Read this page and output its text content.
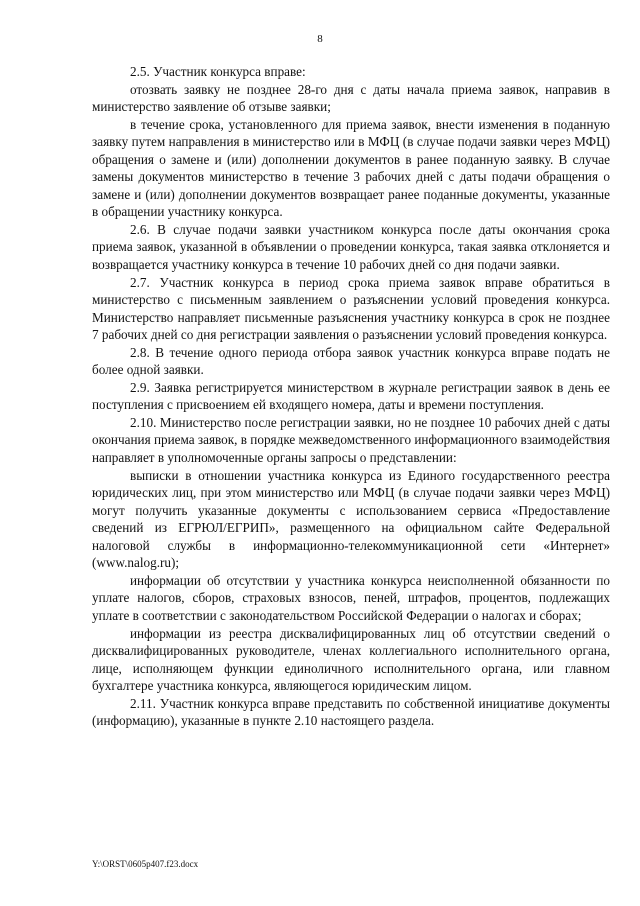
8

2.5. Участник конкурса вправе:

отозвать заявку не позднее 28-го дня с даты начала приема заявок, направив в министерство заявление об отзыве заявки;

в течение срока, установленного для приема заявок, внести изменения в поданную заявку путем направления в министерство или в МФЦ (в случае подачи заявки через МФЦ) обращения о замене и (или) дополнении документов в ранее поданную заявку. В случае замены документов министерство в течение 3 рабочих дней с даты подачи обращения о замене и (или) дополнении документов возвращает ранее поданные документы, указанные в обращении участнику конкурса.

2.6. В случае подачи заявки участником конкурса после даты окончания срока приема заявок, указанной в объявлении о проведении конкурса, такая заявка отклоняется и возвращается участнику конкурса в течение 10 рабочих дней со дня подачи заявки.

2.7. Участник конкурса в период срока приема заявок вправе обратиться в министерство с письменным заявлением о разъяснении условий проведения конкурса. Министерство направляет письменные разъяснения участнику конкурса в срок не позднее 7 рабочих дней со дня регистрации заявления о разъяснении условий проведения конкурса.

2.8. В течение одного периода отбора заявок участник конкурса вправе подать не более одной заявки.

2.9. Заявка регистрируется министерством в журнале регистрации заявок в день ее поступления с присвоением ей входящего номера, даты и времени поступления.

2.10. Министерство после регистрации заявки, но не позднее 10 рабочих дней с даты окончания приема заявок, в порядке межведомственного информационного взаимодействия направляет в уполномоченные органы запросы о представлении:

выписки в отношении участника конкурса из Единого государственного реестра юридических лиц, при этом министерство или МФЦ (в случае подачи заявки через МФЦ) могут получить указанные документы с использованием сервиса «Предоставление сведений из ЕГРЮЛ/ЕГРИП», размещенного на официальном сайте Федеральной налоговой службы в информационно-телекоммуникационной сети «Интернет» (www.nalog.ru);

информации об отсутствии у участника конкурса неисполненной обязанности по уплате налогов, сборов, страховых взносов, пеней, штрафов, процентов, подлежащих уплате в соответствии с законодательством Российской Федерации о налогах и сборах;

информации из реестра дисквалифицированных лиц об отсутствии сведений о дисквалифицированных руководителе, членах коллегиального исполнительного органа, лице, исполняющем функции единоличного исполнительного органа, или главном бухгалтере участника конкурса, являющегося юридическим лицом.

2.11. Участник конкурса вправе представить по собственной инициативе документы (информацию), указанные в пункте 2.10 настоящего раздела.

Y:\ORST\0605p407.f23.docx
